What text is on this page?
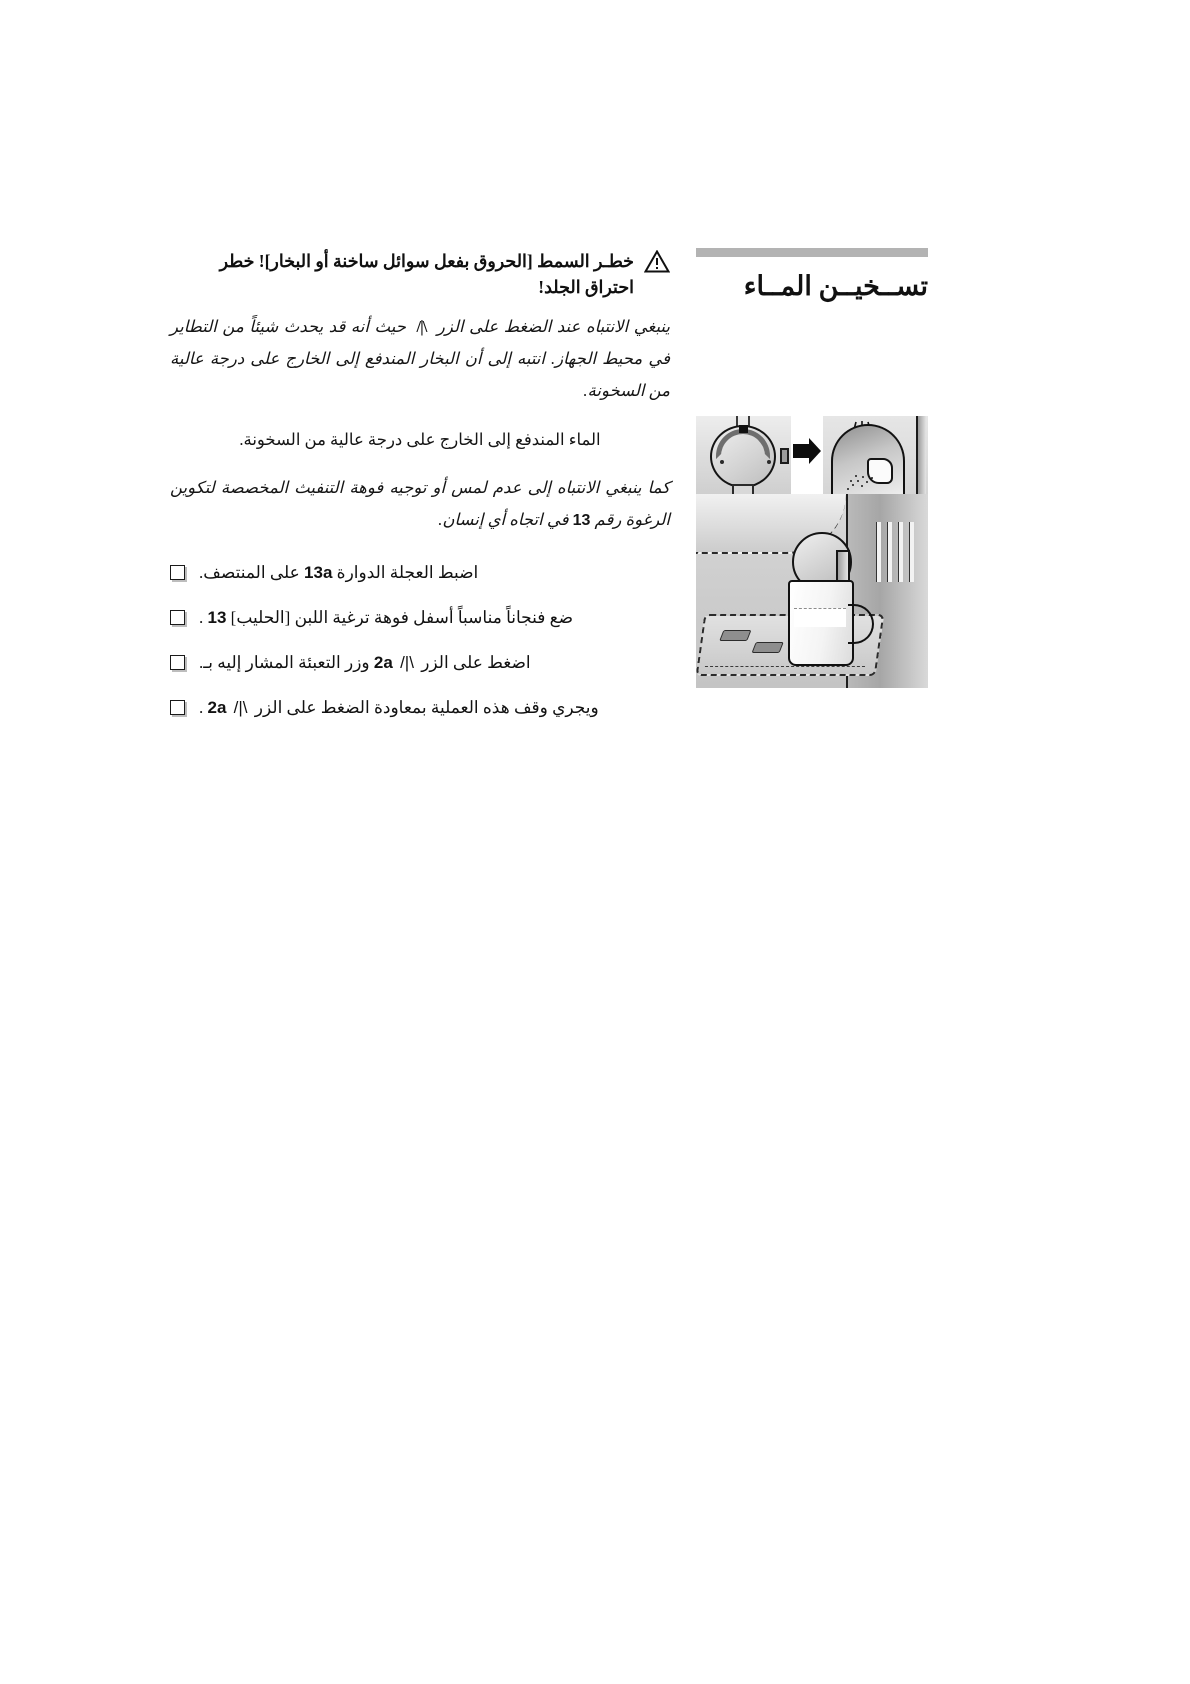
تســخيــن المــاء
خطـر السمط [الحروق بفعل سوائل ساخنة أو البخار]! خطر احتراق الجلد!

ينبغي الانتباه عند الضغط على الزر \|/ حيث أنه قد يحدث شيئاً من التطاير في محيط الجهاز. انتبه إلى أن البخار المندفع إلى الخارج على درجة عالية من السخونة.

الماء المندفع إلى الخارج على درجة عالية من السخونة.

كما ينبغي الانتباه إلى عدم لمس أو توجيه فوهة التنفيث المخصصة لتكوين الرغوة رقم 13 في اتجاه أي إنسان.

اضبط العجلة الدوارة 13a على المنتصف.
ضع فنجاناً مناسباً أسفل فوهة ترغية اللبن [الحليب] 13 .
اضغط على الزر \|/ 2a وزر التعبئة المشار إليه بـ.
ويجري وقف هذه العملية بمعاودة الضغط على الزر \|/ 2a .
